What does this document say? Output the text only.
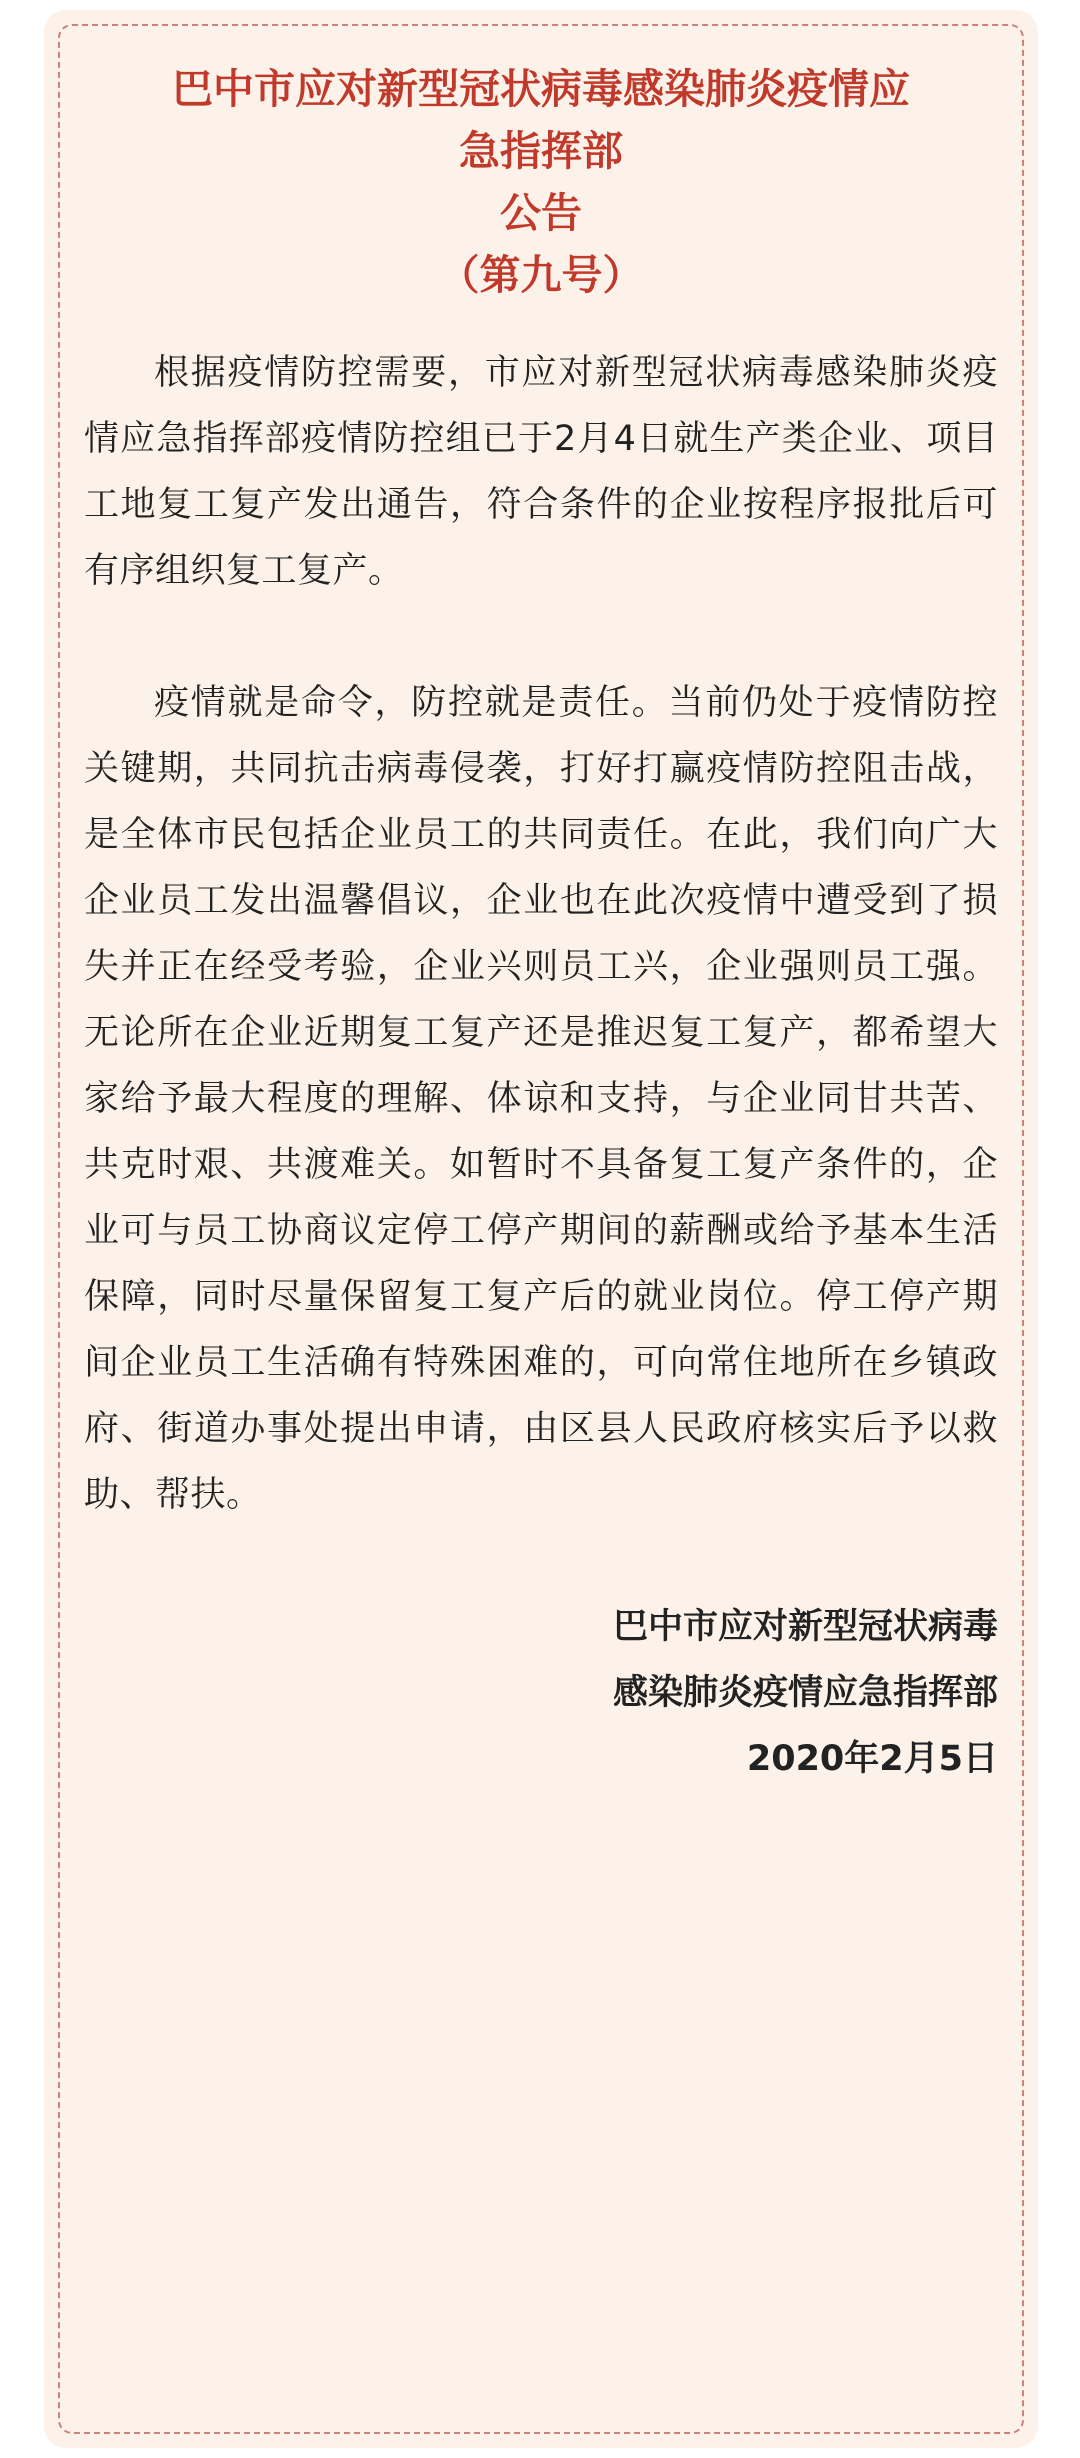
巴中市应对新型冠状病毒感染肺炎疫情应
急指挥部
公告
（第九号）

根据疫情防控需要，市应对新型冠状病毒感染肺炎疫情应急指挥部疫情防控组已于2月4日就生产类企业、项目工地复工复产发出通告，符合条件的企业按程序报批后可有序组织复工复产。

疫情就是命令，防控就是责任。当前仍处于疫情防控关键期，共同抗击病毒侵袭，打好打赢疫情防控阻击战，是全体市民包括企业员工的共同责任。在此，我们向广大企业员工发出温馨倡议，企业也在此次疫情中遭受到了损失并正在经受考验，企业兴则员工兴，企业强则员工强。无论所在企业近期复工复产还是推迟复工复产，都希望大家给予最大程度的理解、体谅和支持，与企业同甘共苦、共克时艰、共渡难关。如暂时不具备复工复产条件的，企业可与员工协商议定停工停产期间的薪酬或给予基本生活保障，同时尽量保留复工复产后的就业岗位。停工停产期间企业员工生活确有特殊困难的，可向常住地所在乡镇政府、街道办事处提出申请，由区县人民政府核实后予以救助、帮扶。

巴中市应对新型冠状病毒
感染肺炎疫情应急指挥部
2020年2月5日
